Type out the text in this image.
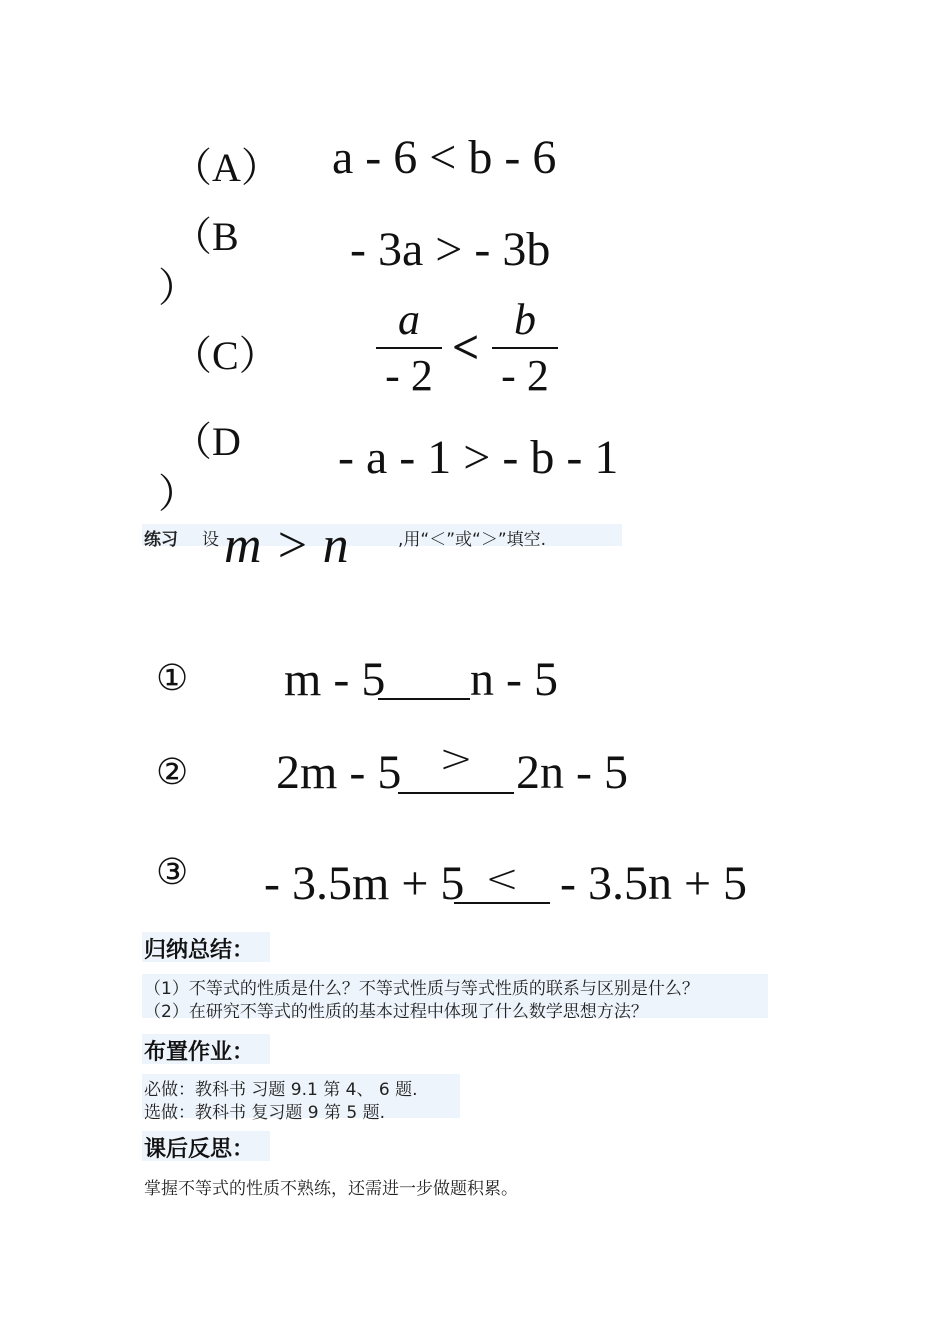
（A） a - 6 < b - 6
（B
）
- 3a > - 3b
（C）
a
- 2
<
b
- 2
（D
）
- a - 1 > - b - 1
练习 设 m > n	,用“＜”或“＞”填空.
① m - 5 n - 5
② 2m - 5 > 2n - 5
③ - 3.5m + 5 < - 3.5n + 5
归纳总结：
（1）不等式的性质是什么？不等式性质与等式性质的联系与区别是什么？
（2）在研究不等式的性质的基本过程中体现了什么数学思想方法？
布置作业：
必做：教科书 习题 9.1 第 4、 6 题.
选做：教科书 复习题 9 第 5 题.
课后反思：
掌握不等式的性质不熟练，还需进一步做题积累。
